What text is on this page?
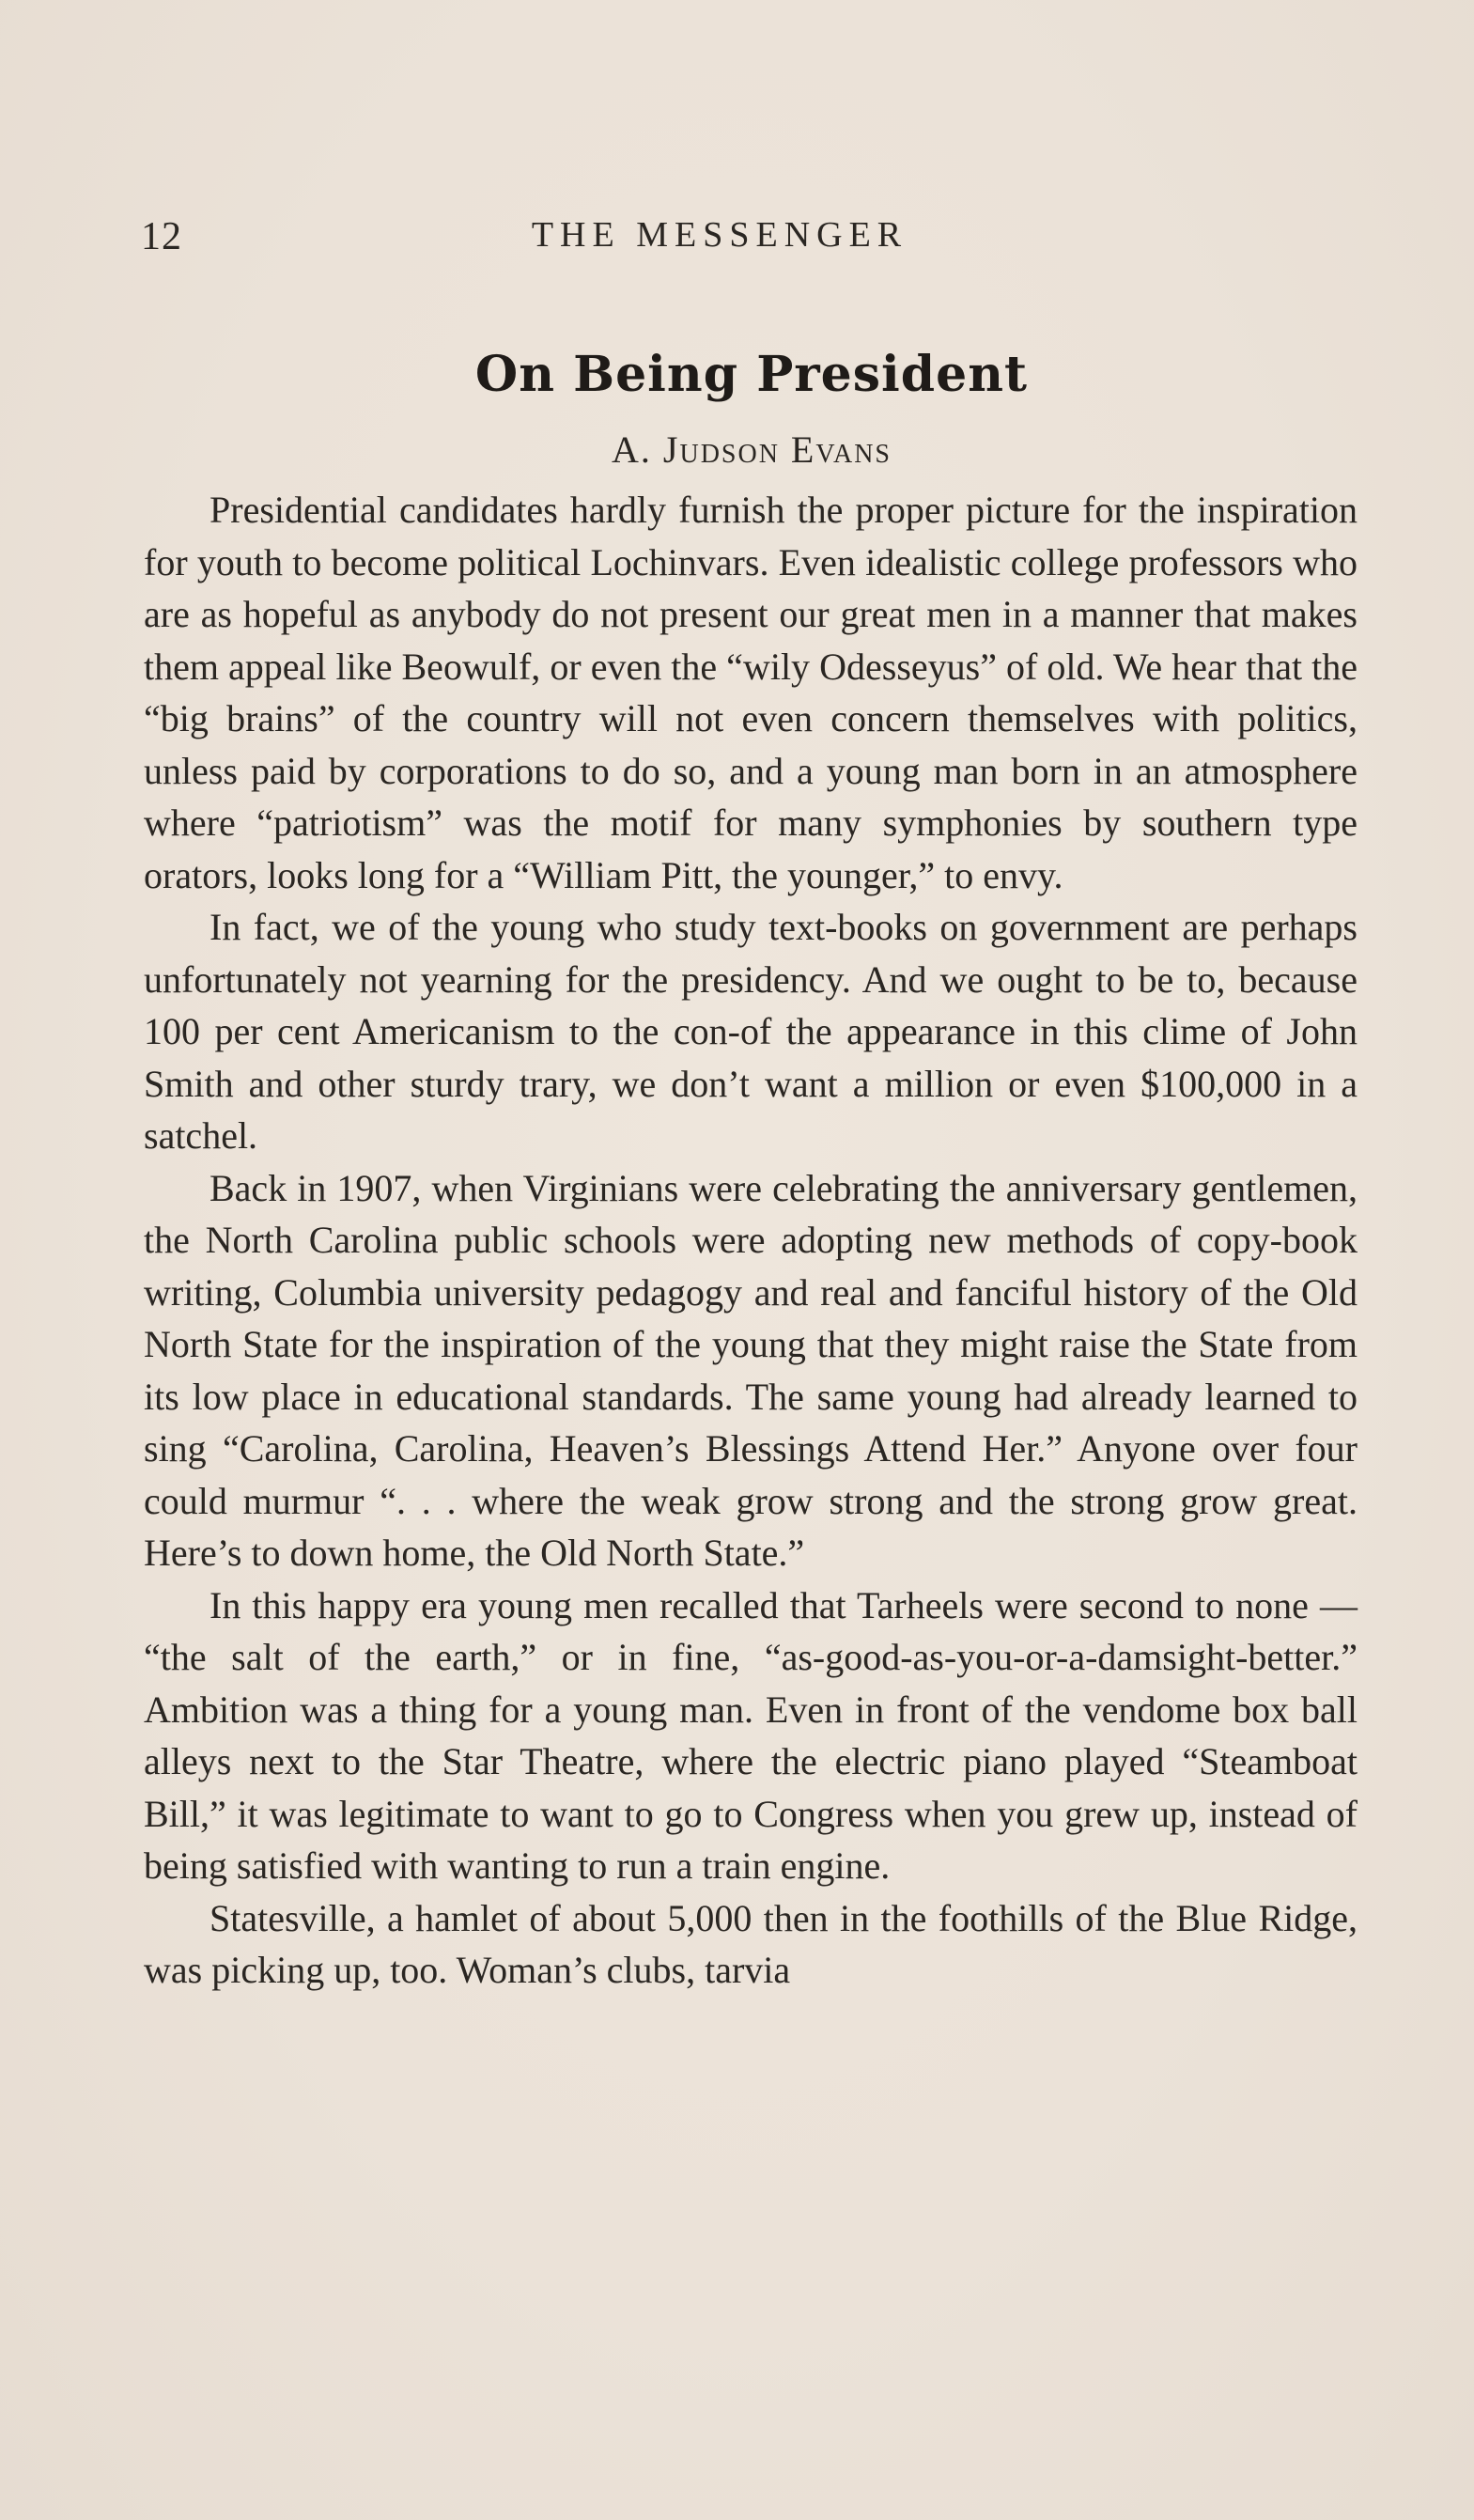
12	THE MESSENGER
On Being President
A. Judson Evans

Presidential candidates hardly furnish the proper picture for the inspiration for youth to become political Lochinvars. Even idealistic college professors who are as hopeful as anybody do not present our great men in a manner that makes them appeal like Beowulf, or even the “wily Odesseyus” of old. We hear that the “big brains” of the country will not even concern themselves with politics, unless paid by corporations to do so, and a young man born in an atmosphere where “patriotism” was the motif for many symphonies by southern type orators, looks long for a “William Pitt, the younger,” to envy.

In fact, we of the young who study text-books on government are perhaps unfortunately not yearning for the presidency. And we ought to be to, because 100 per cent Americanism to the con-of the appearance in this clime of John Smith and other sturdy trary, we don’t want a million or even $100,000 in a satchel.

Back in 1907, when Virginians were celebrating the anniversary gentlemen, the North Carolina public schools were adopting new methods of copy-book writing, Columbia university pedagogy and real and fanciful history of the Old North State for the inspiration of the young that they might raise the State from its low place in educational standards. The same young had already learned to sing “Carolina, Carolina, Heaven’s Blessings Attend Her.” Anyone over four could murmur “. . . where the weak grow strong and the strong grow great. Here’s to down home, the Old North State.”

In this happy era young men recalled that Tarheels were second to none — “the salt of the earth,” or in fine, “as-good-as-you-or-a-damsight-better.” Ambition was a thing for a young man. Even in front of the vendome box ball alleys next to the Star Theatre, where the electric piano played “Steamboat Bill,” it was legitimate to want to go to Congress when you grew up, instead of being satisfied with wanting to run a train engine.

Statesville, a hamlet of about 5,000 then in the foothills of the Blue Ridge, was picking up, too. Woman’s clubs, tarvia
